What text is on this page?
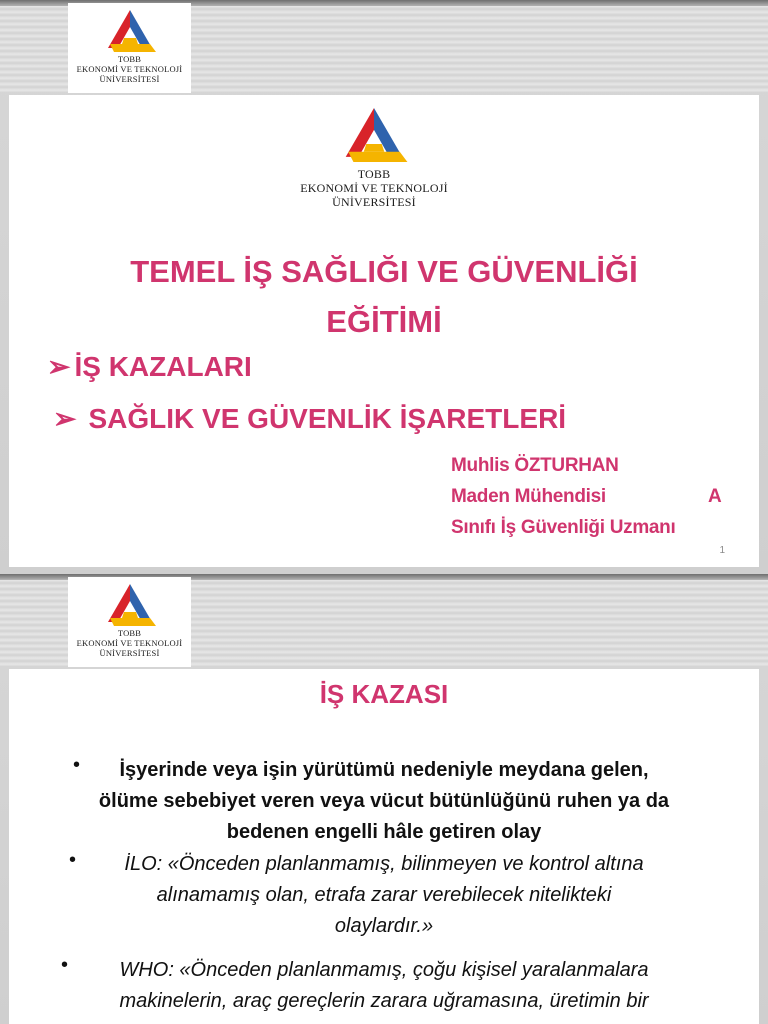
TOBB
EKONOMİ VE TEKNOLOJİ
ÜNİVERSİTESİ
TOBB
EKONOMİ VE TEKNOLOJİ
ÜNİVERSİTESİ
TEMEL İŞ SAĞLIĞI VE GÜVENLİĞİ
EĞİTİMİ
➢ İŞ KAZALARI
➢ SAĞLIK VE GÜVENLİK İŞARETLERİ
Muhlis ÖZTURHAN
Maden Mühendisi	A
Sınıfı İş Güvenliği Uzmanı
1
TOBB
EKONOMİ VE TEKNOLOJİ
ÜNİVERSİTESİ
İŞ KAZASI
•	İşyerinde veya işin yürütümü nedeniyle meydana gelen,
ölüme sebebiyet veren veya vücut bütünlüğünü ruhen ya da
bedenen engelli hâle getiren olay
•	İLO: «Önceden planlanmamış, bilinmeyen ve kontrol altına
alınamamış olan, etrafa zarar verebilecek nitelikteki
olaylardır.»
•	WHO: «Önceden planlanmamış, çoğu kişisel yaralanmalara
makinelerin, araç gereçlerin zarara uğramasına, üretimin bir
